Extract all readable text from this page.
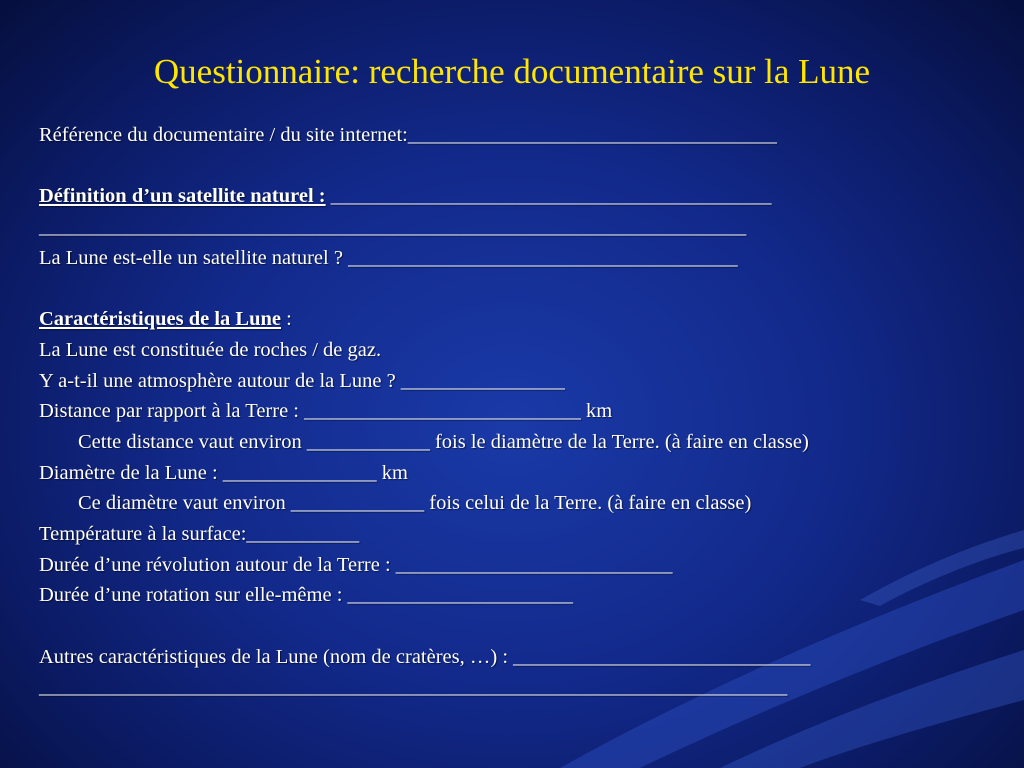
Questionnaire: recherche documentaire sur la Lune
Référence du documentaire / du site internet:____________________________________
Définition d’un satellite naturel : ___________________________________________
_____________________________________________________________________
La Lune est-elle un satellite naturel ? ______________________________________
Caractéristiques de la Lune :
La Lune est constituée de roches / de gaz.
Y a-t-il une atmosphère autour de la Lune ? ________________
Distance par rapport à la Terre : ___________________________ km
Cette distance vaut environ ____________ fois le diamètre de la Terre. (à faire en classe)
Diamètre de la Lune : _______________ km
Ce diamètre vaut environ _____________ fois celui de la Terre. (à faire en classe)
Température à la surface:___________
Durée d’une révolution autour de la Terre : ___________________________
Durée d’une rotation sur elle-même : ______________________
Autres caractéristiques de la Lune (nom de cratères, …) : _____________________________
_________________________________________________________________________
